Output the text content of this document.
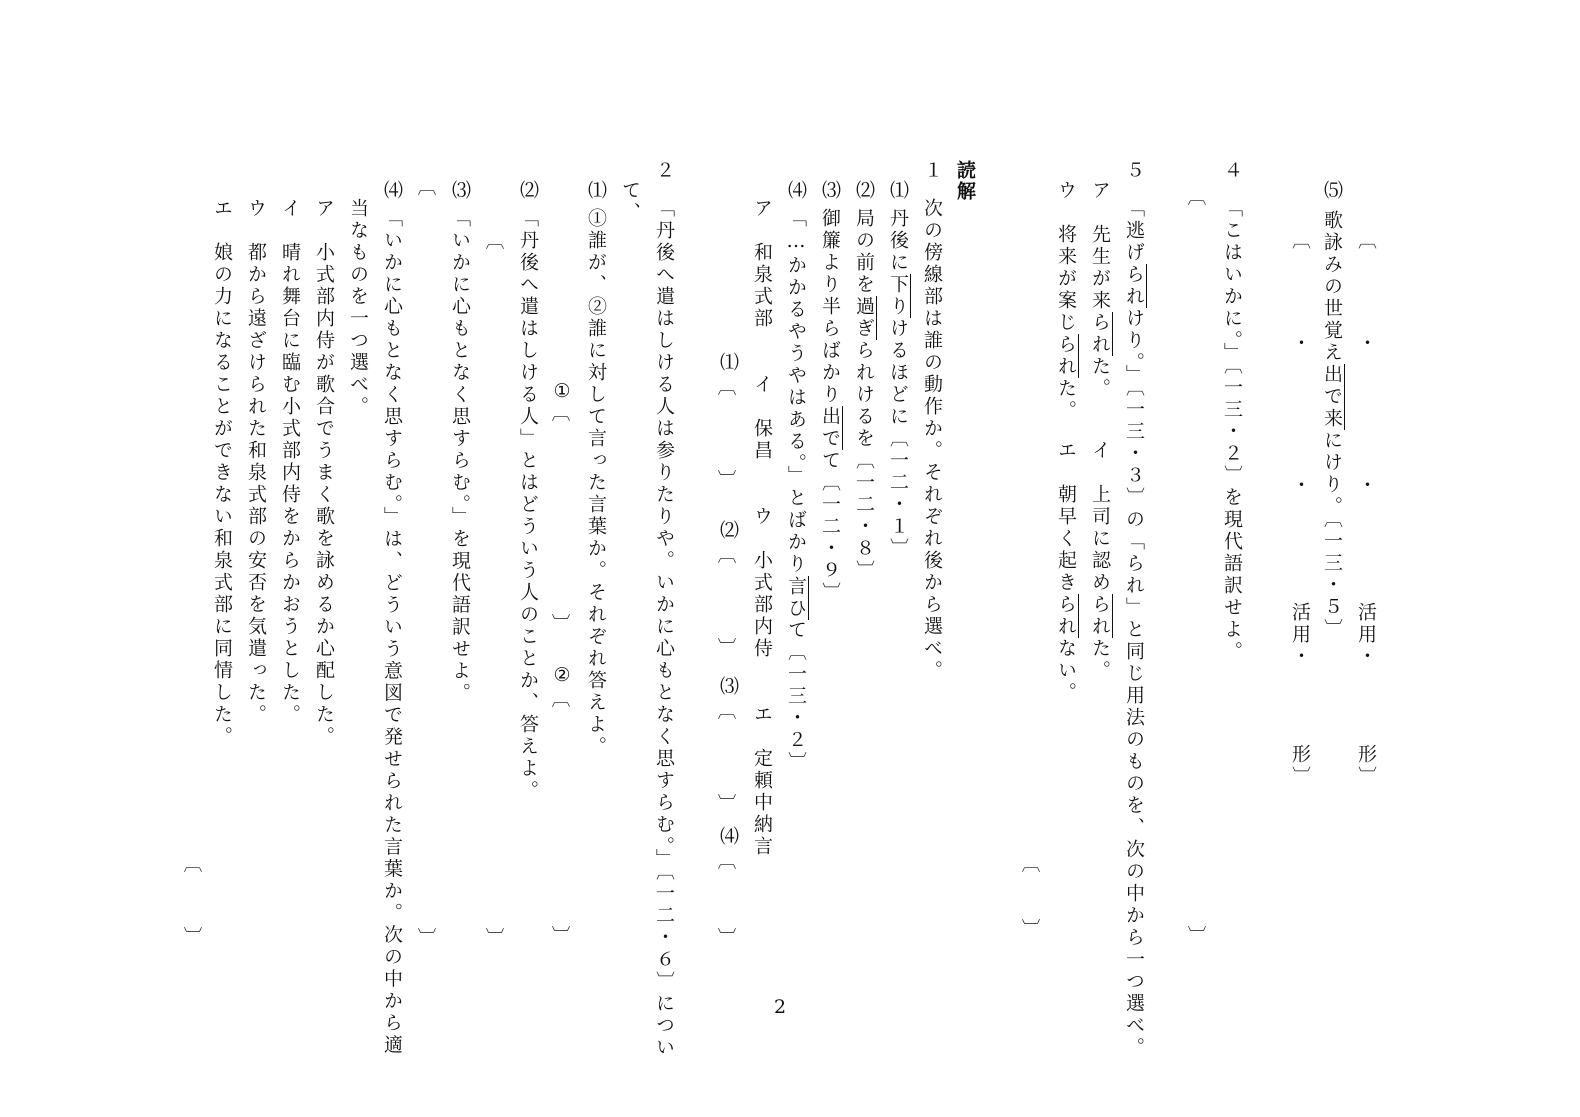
〔
・
・
活用・
形〕
⑸歌詠みの世覚え出で来にけり。〔一三・５〕
〔
・
・
活用・
形〕
４
「こはいかに。」〔一三・２〕を現代語訳せよ。
︹
︺
５
「逃げられけり。」〔一三・３〕の「られ」と同じ用法のものを、次の中から一つ選べ。
ア　先生が来られた。
イ　上司に認められた。
ウ　将来が案じられた。
エ　朝早く起きられない。
︹
︺
読解
１
次の傍線部は誰の動作か。それぞれ後から選べ。
⑴丹後に下りけるほどに〔一二・１〕
⑵局の前を過ぎられけるを〔一二・８〕
⑶御簾より半らばかり出でて〔一二・９〕
⑷「…かかるやうやはある。」とばかり言ひて〔一三・２〕
ア　和泉式部　　イ　保昌　　ウ　小式部内侍　　エ　定頼中納言
⑴
︹
︺
⑵
︹
︺
⑶
︹
︺
⑷
︹
︺
２
「丹後へ遣はしける人は参りたりや。いかに心もとなく思すらむ。」〔一二・６〕につい
て、
⑴①誰が、②誰に対して言った言葉か。それぞれ答えよ。
①
︹
︺
②
︹
︺
⑵「丹後へ遣はしける人」とはどういう人のことか、答えよ。
︹
︺
⑶「いかに心もとなく思すらむ。」を現代語訳せよ。
︹
︺
⑷「いかに心もとなく思すらむ。」は、どういう意図で発せられた言葉か。次の中から適
当なものを一つ選べ。
ア　小式部内侍が歌合でうまく歌を詠めるか心配した。
イ　晴れ舞台に臨む小式部内侍をからかおうとした。
ウ　都から遠ざけられた和泉式部の安否を気遣った。
エ　娘の力になることができない和泉式部に同情した。
︹
︺
2
